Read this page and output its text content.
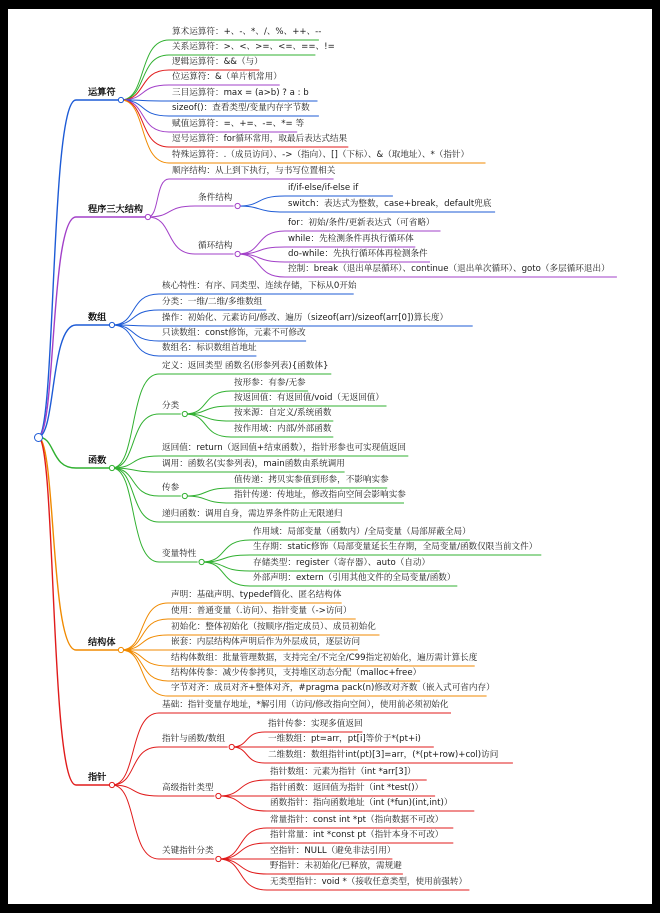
运算符
算术运算符：+、-、*、/、%、++、--
关系运算符：>、<、>=、<=、==、!=
逻辑运算符：&&（与）
位运算符：&（单片机常用）
三目运算符：max = (a>b) ? a : b
sizeof()：查看类型/变量内存字节数
赋值运算符：=、+=、-=、*= 等
逗号运算符：for循环常用，取最后表达式结果
特殊运算符：.（成员访问）、->（指向）、[]（下标）、&（取地址）、*（指针）
程序三大结构
顺序结构：从上到下执行，与书写位置相关
条件结构
if/if-else/if-else if
switch：表达式为整数，case+break，default兜底
循环结构
for：初始/条件/更新表达式（可省略）
while：先检测条件再执行循环体
do-while：先执行循环体再检测条件
控制：break（退出单层循环）、continue（退出单次循环）、goto（多层循环退出）
数组
核心特性：有序、同类型、连续存储，下标从0开始
分类：一维/二维/多维数组
操作：初始化、元素访问/修改、遍历（sizeof(arr)/sizeof(arr[0])算长度）
只读数组：const修饰，元素不可修改
数组名：标识数组首地址
函数
定义：返回类型 函数名(形参列表){函数体}
分类
按形参：有参/无参
按返回值：有返回值/void（无返回值）
按来源：自定义/系统函数
按作用域：内部/外部函数
返回值：return（返回值+结束函数），指针形参也可实现值返回
调用：函数名(实参列表)，main函数由系统调用
传参
值传递：拷贝实参值到形参，不影响实参
指针传递：传地址，修改指向空间会影响实参
递归函数：调用自身，需边界条件防止无限递归
变量特性
作用域：局部变量（函数内）/全局变量（局部屏蔽全局）
生存期：static修饰（局部变量延长生存期，全局变量/函数仅限当前文件）
存储类型：register（寄存器）、auto（自动）
外部声明：extern（引用其他文件的全局变量/函数）
结构体
声明：基础声明、typedef简化、匿名结构体
使用：普通变量（.访问）、指针变量（->访问）
初始化：整体初始化（按顺序/指定成员）、成员初始化
嵌套：内层结构体声明后作为外层成员，逐层访问
结构体数组：批量管理数据，支持完全/不完全/C99指定初始化，遍历需计算长度
结构体传参：减少传参拷贝，支持堆区动态分配（malloc+free）
字节对齐：成员对齐+整体对齐，#pragma pack(n)修改对齐数（嵌入式可省内存）
指针
基础：指针变量存地址，*解引用（访问/修改指向空间），使用前必须初始化
指针与函数/数组
指针传参：实现多值返回
一维数组：pt=arr，pt[i]等价于*(pt+i)
二维数组：数组指针int(pt)[3]=arr，(*(pt+row)+col)访问
高级指针类型
指针数组：元素为指针（int *arr[3]）
指针函数：返回值为指针（int *test()）
函数指针：指向函数地址（int (*fun)(int,int)）
关键指针分类
常量指针：const int *pt（指向数据不可改）
指针常量：int *const pt（指针本身不可改）
空指针：NULL（避免非法引用）
野指针：未初始化/已释放，需规避
无类型指针：void *（接收任意类型，使用前强转）
